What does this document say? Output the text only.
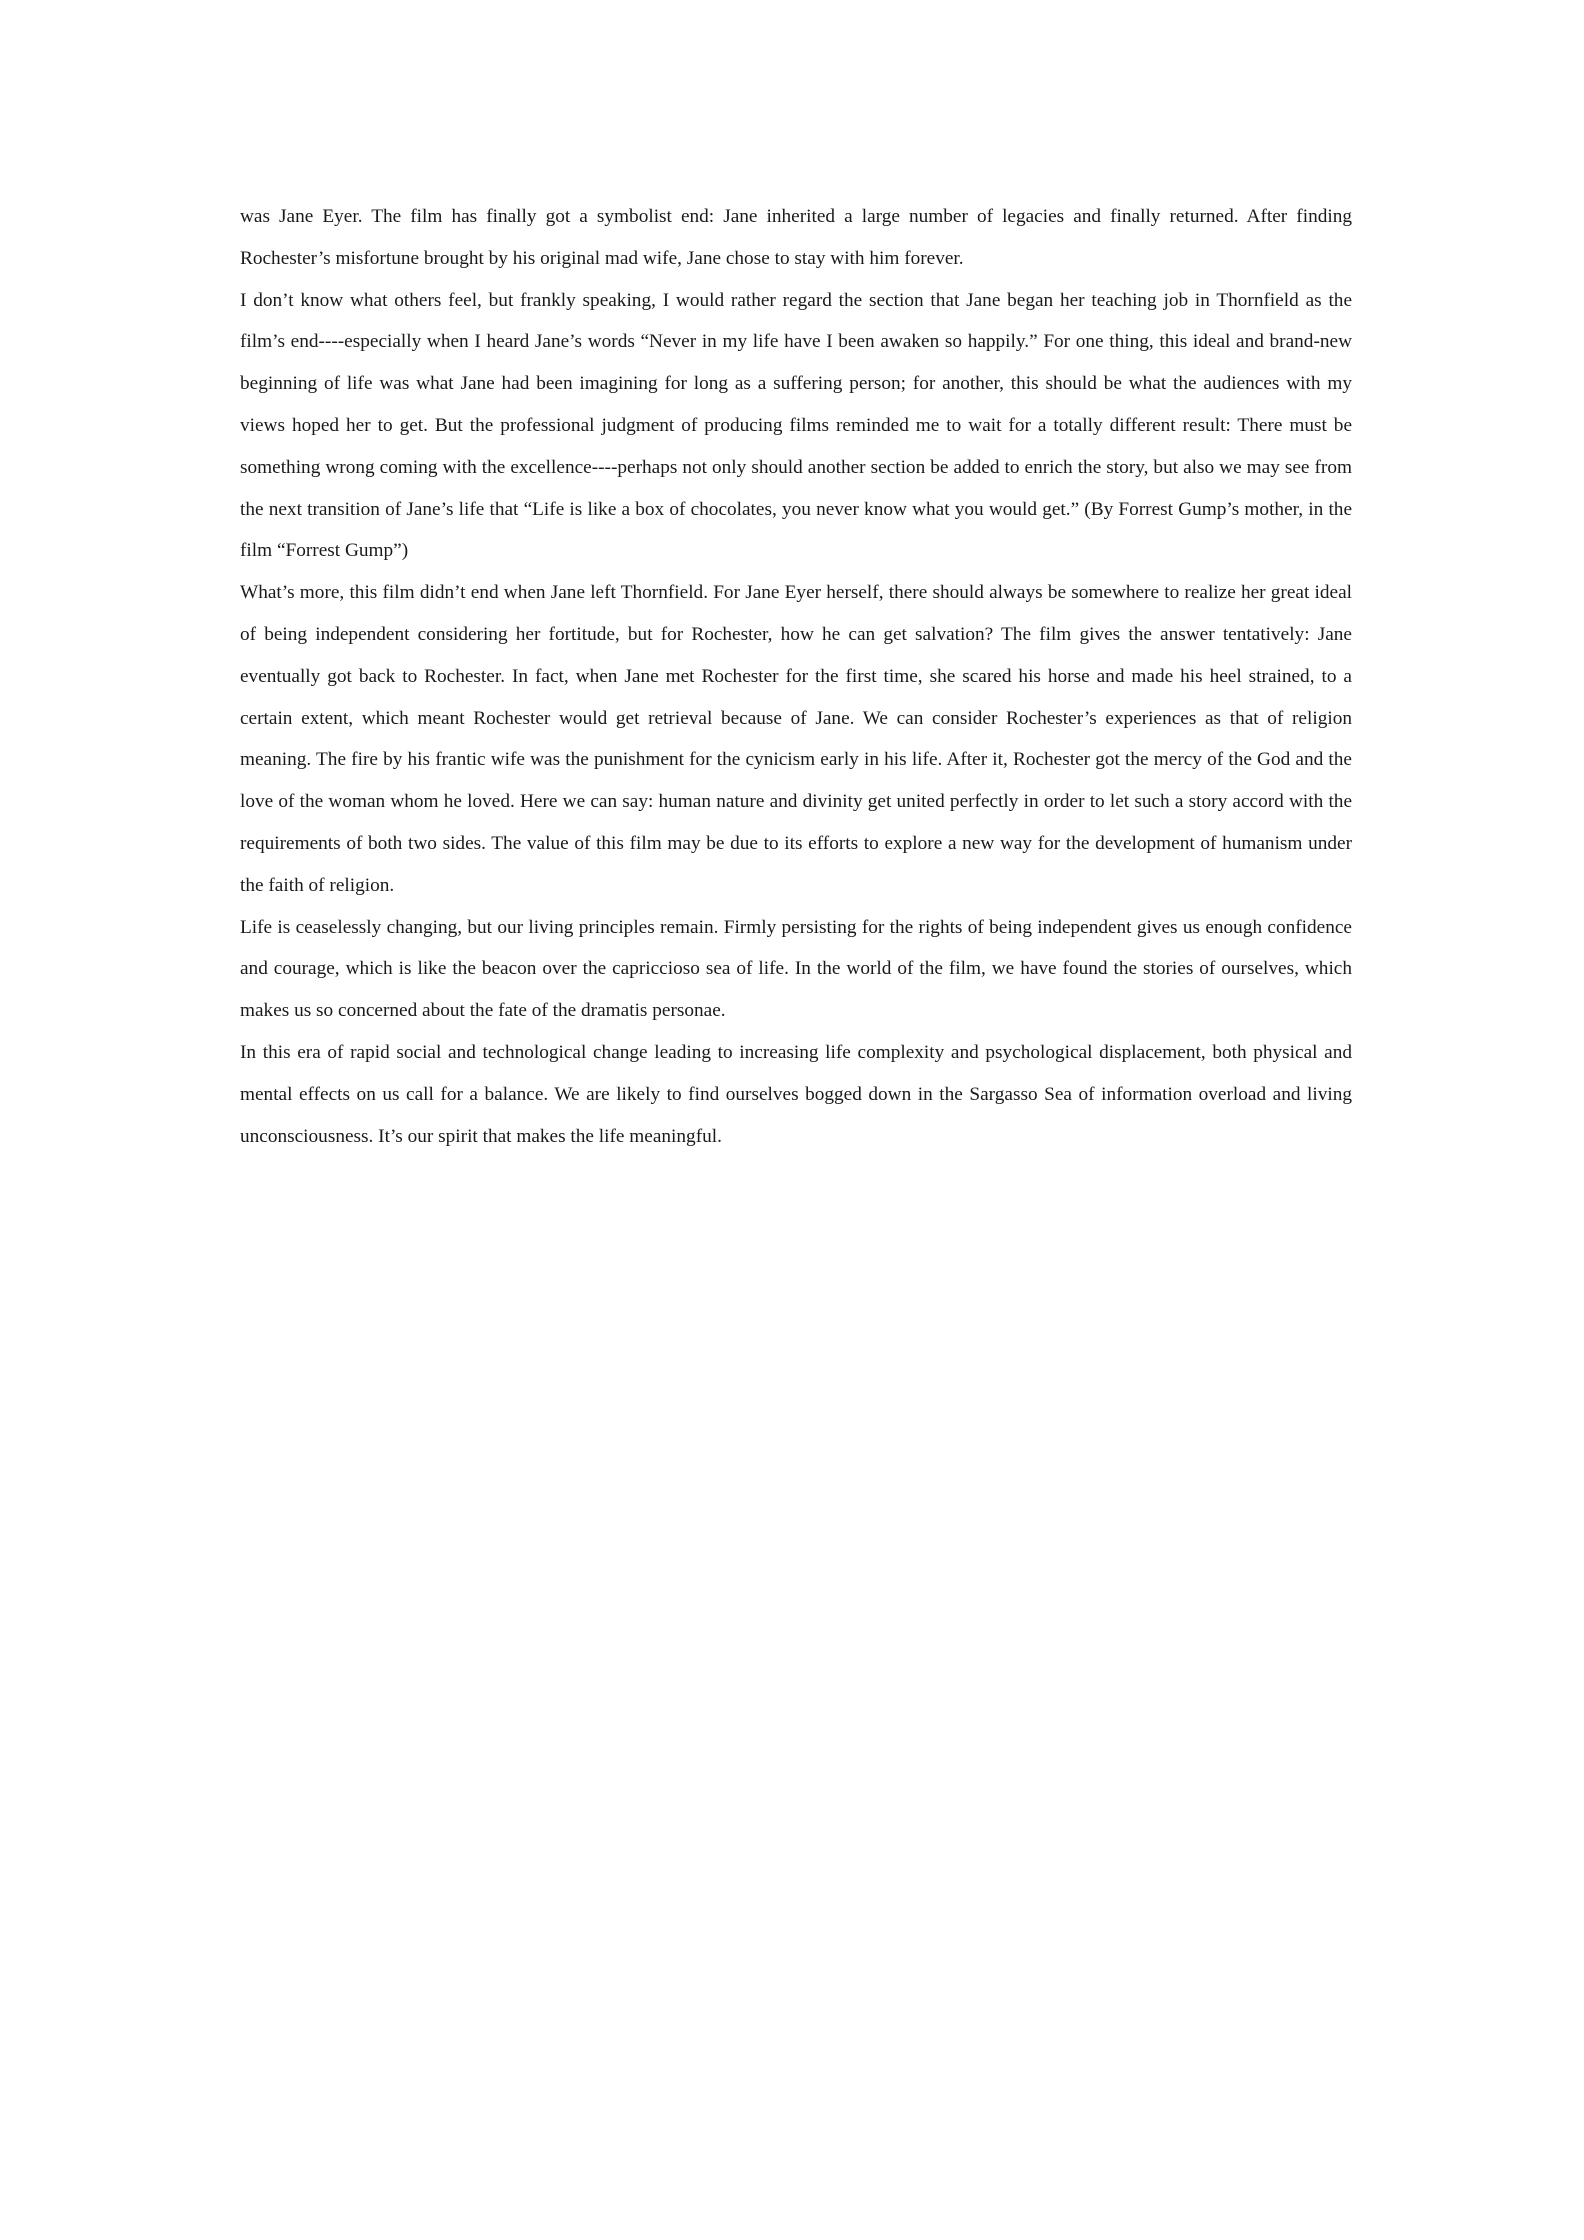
was Jane Eyer. The film has finally got a symbolist end: Jane inherited a large number of legacies and finally returned. After finding Rochester’s misfortune brought by his original mad wife, Jane chose to stay with him forever.

I don’t know what others feel, but frankly speaking, I would rather regard the section that Jane began her teaching job in Thornfield as the film’s end----especially when I heard Jane’s words “Never in my life have I been awaken so happily.” For one thing, this ideal and brand-new beginning of life was what Jane had been imagining for long as a suffering person; for another, this should be what the audiences with my views hoped her to get. But the professional judgment of producing films reminded me to wait for a totally different result: There must be something wrong coming with the excellence----perhaps not only should another section be added to enrich the story, but also we may see from the next transition of Jane’s life that “Life is like a box of chocolates, you never know what you would get.” (By Forrest Gump’s mother, in the film “Forrest Gump”)

What’s more, this film didn’t end when Jane left Thornfield. For Jane Eyer herself, there should always be somewhere to realize her great ideal of being independent considering her fortitude, but for Rochester, how he can get salvation? The film gives the answer tentatively: Jane eventually got back to Rochester. In fact, when Jane met Rochester for the first time, she scared his horse and made his heel strained, to a certain extent, which meant Rochester would get retrieval because of Jane. We can consider Rochester’s experiences as that of religion meaning. The fire by his frantic wife was the punishment for the cynicism early in his life. After it, Rochester got the mercy of the God and the love of the woman whom he loved. Here we can say: human nature and divinity get united perfectly in order to let such a story accord with the requirements of both two sides. The value of this film may be due to its efforts to explore a new way for the development of humanism under the faith of religion.

Life is ceaselessly changing, but our living principles remain. Firmly persisting for the rights of being independent gives us enough confidence and courage, which is like the beacon over the capriccioso sea of life. In the world of the film, we have found the stories of ourselves, which makes us so concerned about the fate of the dramatis personae.

In this era of rapid social and technological change leading to increasing life complexity and psychological displacement, both physical and mental effects on us call for a balance. We are likely to find ourselves bogged down in the Sargasso Sea of information overload and living unconsciousness. It’s our spirit that makes the life meaningful.
